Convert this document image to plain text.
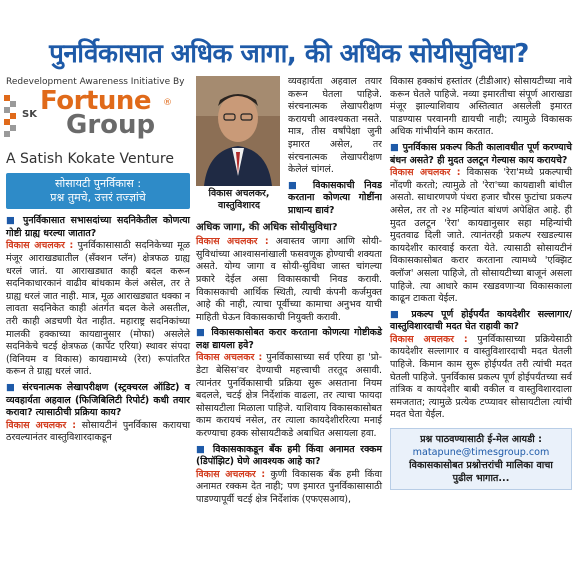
पुनर्विकासात अधिक जागा, की अधिक सोयीसुविधा?
Redevelopment Awareness Initiative By
SK Fortune ®
Group
A Satish Kokate Venture
सोसायटी पुनर्विकास :
प्रश्न तुमचे, उत्तरं तज्ज्ञांचे
■ पुनर्विकासात सभासदांच्या सदनिकेतील कोणत्या गोष्टी ग्राह्य धरल्या जातात?

विकास अचलकर : पुनर्विकासासाठी सदनिकेच्या मूळ मंजूर आराखड्यातील (सँक्शन प्लॅन) क्षेत्रफळ ग्राह्य धरलं जातं. या आराखड्यात काही बदल करून सदनिकाधारकानं वाढीव बांधकाम केलं असेल, तर ते ग्राह्य धरलं जात नाही. मात्र, मूळ आराखड्यात धक्का न लावता सदनिकेत काही अंतर्गत बदल केले असतील, तरी काही अडचणी येत नाहीत. महाराष्ट्र सदनिकांच्या मालकी हक्काच्या कायद्यानुसार (मोफा) असलेले सदनिकेचे चटई क्षेत्रफळ (कार्पेट एरिया) स्थावर संपदा (विनियम व विकास) कायद्यामध्ये (रेरा) रूपांतरित करून ते ग्राह्य धरलं जातं.

■ संरचनात्मक लेखापरीक्षण (स्ट्रक्चरल ऑडिट) व व्यवहार्यता अहवाल (फिजिबिलिटी रिपोर्ट) कधी तयार करावा? त्यासाठीची प्रक्रिया काय?

विकास अचलकर : सोसायटीनं पुनर्विकास करायचा ठरवल्यानंतर वास्तुविशारदाकडून

विकास अचलकर,
वास्तुविशारद

व्यवहार्यता अहवाल तयार करून घेतला पाहिजे. संरचनात्मक लेखापरीक्षण करायची आवश्यकता नसते. मात्र, तीस वर्षांपेक्षा जुनी इमारत असेल, तर संरचनात्मक लेखापरीक्षण केलेलं चांगलं.

■ विकासकाची निवड करताना कोणत्या गोष्टींना प्राधान्य द्यावं?
अधिक जागा, की अधिक सोयीसुविधा?

विकास अचलकर : अवास्तव जागा आणि सोयी-सुविधांच्या आश्वासनांखाली फसवणूक होण्याची शक्यता असते. योग्य जागा व सोयी-सुविधा जास्त चांगल्या प्रकारे देईल असा विकासकाची निवड करावी. विकासकाची आर्थिक स्थिती, त्याची कंपनी कर्जमुक्त आहे की नाही, त्याचा पूर्वीच्या कामाचा अनुभव याची माहिती घेऊन विकासकाची नियुक्ती करावी.

■ विकासकासोबत करार करताना कोणत्या गोष्टीकडे लक्ष द्यायला हवे?

विकास अचलकर : पुनर्विकासाच्या सर्व एरिया हा 'प्रो-डेटा बेसिस'वर देण्याची महत्त्वाची तरतूद असावी. त्यानंतर पुनर्विकासाची प्रक्रिया सुरू असताना नियम बदलले, चटई क्षेत्र निर्देशांक वाढला, तर त्याचा फायदा सोसायटीला मिळाला पाहिजे. याशिवाय विकासकासोबत काम करायचं नसेल, तर त्याला कायदेशीररित्या मनाई करण्याचा हक्क सोसायटीकडे अबाधित असायला हवा.

■ विकासकाकडून बँक हमी किंवा अनामत रक्कम (डिपॉझिट) घेणे आवश्यक आहे का?

विकास अचलकर : कुणी विकासक बँक हमी किंवा अनामत रक्कम देत नाही; पण इमारत पुनर्विकासासाठी पाडण्यापूर्वी चटई क्षेत्र निर्देशांक (एफएसआय),

विकास हक्कांचं हस्तांतर (टीडीआर) सोसायटीच्या नावे करून घेतले पाहिजे. नव्या इमारतीचा संपूर्ण आराखडा मंजूर झाल्याशिवाय अस्तित्वात असलेली इमारत पाडण्यास परवानगी द्यायची नाही; त्यामुळे विकासक अधिक गांभीर्याने काम करतात.

■ पुनर्विकास प्रकल्प किती कालावधीत पूर्ण करण्याचे बंधन असते? ही मुदत उलटून गेल्यास काय करायचे?

विकास अचलकर : विकासक 'रेरा'मध्ये प्रकल्पाची नोंदणी करतो; त्यामुळे तो 'रेरा'च्या कायद्याशी बांधील असतो. साधारणपणे पंधरा हजार चौरस फुटांचा प्रकल्प असेल, तर तो २४ महिन्यांत बांधणं अपेक्षित आहे. ही मुदत उलटून 'रेरा' कायद्यानुसार सहा महिन्यांची मुदतवाढ दिली जाते. त्यानंतरही प्रकल्प रखडल्यास कायदेशीर कारवाई करता येते. त्यासाठी सोसायटीनं विकासकासोबत करार करताना त्यामध्ये 'एक्झिट क्लॉज' असला पाहिजे, तो सोसायटीच्या बाजूनं असला पाहिजे. त्या आधारे काम रखडवणाऱ्या विकासकाला काढून टाकता येईल.

■ प्रकल्प पूर्ण होईपर्यंत कायदेशीर सल्लागार/ वास्तुविशारदाची मदत घेत राहावी का?

विकास अचलकर : पुनर्विकासाच्या प्रक्रियेसाठी कायदेशीर सल्लागार व वास्तुविशारदाची मदत घेतली पाहिजे. किमान काम सुरू होईपर्यंत तरी त्यांची मदत घेतली पाहिजे. पुनर्विकास प्रकल्प पूर्ण होईपर्यंतच्या सर्व तांत्रिक व कायदेशीर बाबी वकील व वास्तुविशारदाला समजतात; त्यामुळे प्रत्येक टप्प्यावर सोसायटीला त्यांची मदत घेता येईल.

प्रश्न पाठवण्यासाठी ई-मेल आयडी :
matapune@timesgroup.com
विकासकासोबत प्रश्नोत्तरांची मालिका वाचा
पुढील भागात...
